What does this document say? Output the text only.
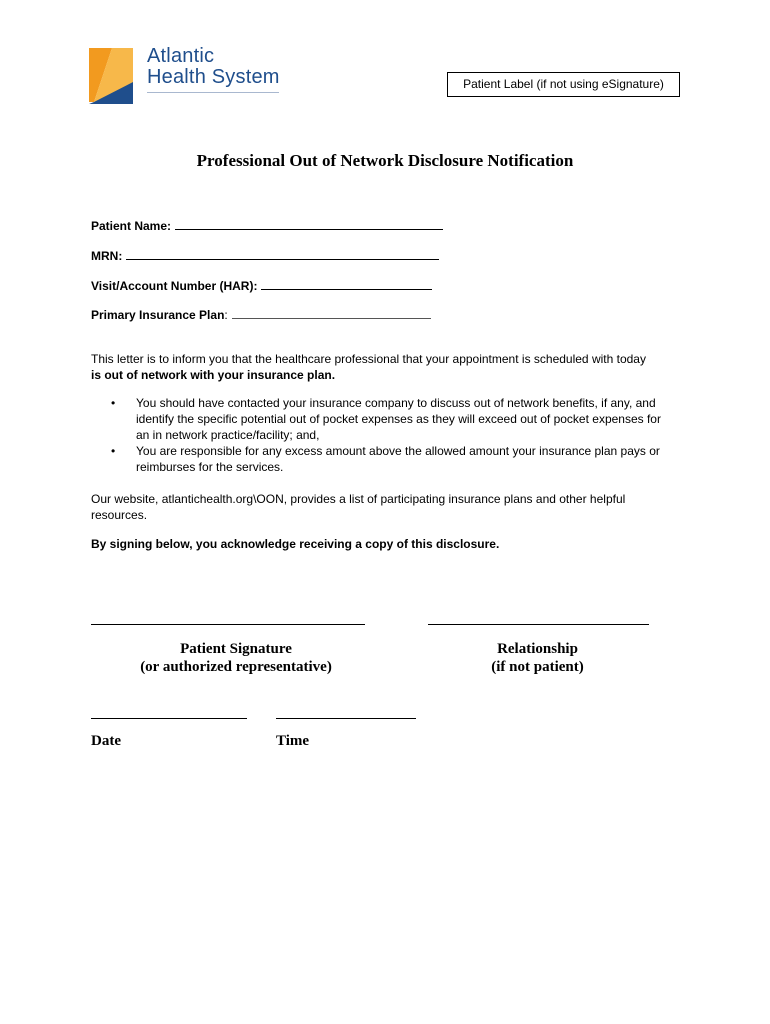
Atlantic
Health System	Patient Label (if not using eSignature)
Professional Out of Network Disclosure Notification
Patient Name:
MRN:
Visit/Account Number (HAR):
Primary Insurance Plan:
This letter is to inform you that the healthcare professional that your appointment is scheduled with today
is out of network with your insurance plan.
• You should have contacted your insurance company to discuss out of network benefits, if any, and identify the specific potential out of pocket expenses as they will exceed out of pocket expenses for an in network practice/facility; and,
• You are responsible for any excess amount above the allowed amount your insurance plan pays or reimburses for the services.
Our website, atlantichealth.org\OON, provides a list of participating insurance plans and other helpful resources.
By signing below, you acknowledge receiving a copy of this disclosure.
Patient Signature
(or authorized representative)
Relationship
(if not patient)
Date	Time
